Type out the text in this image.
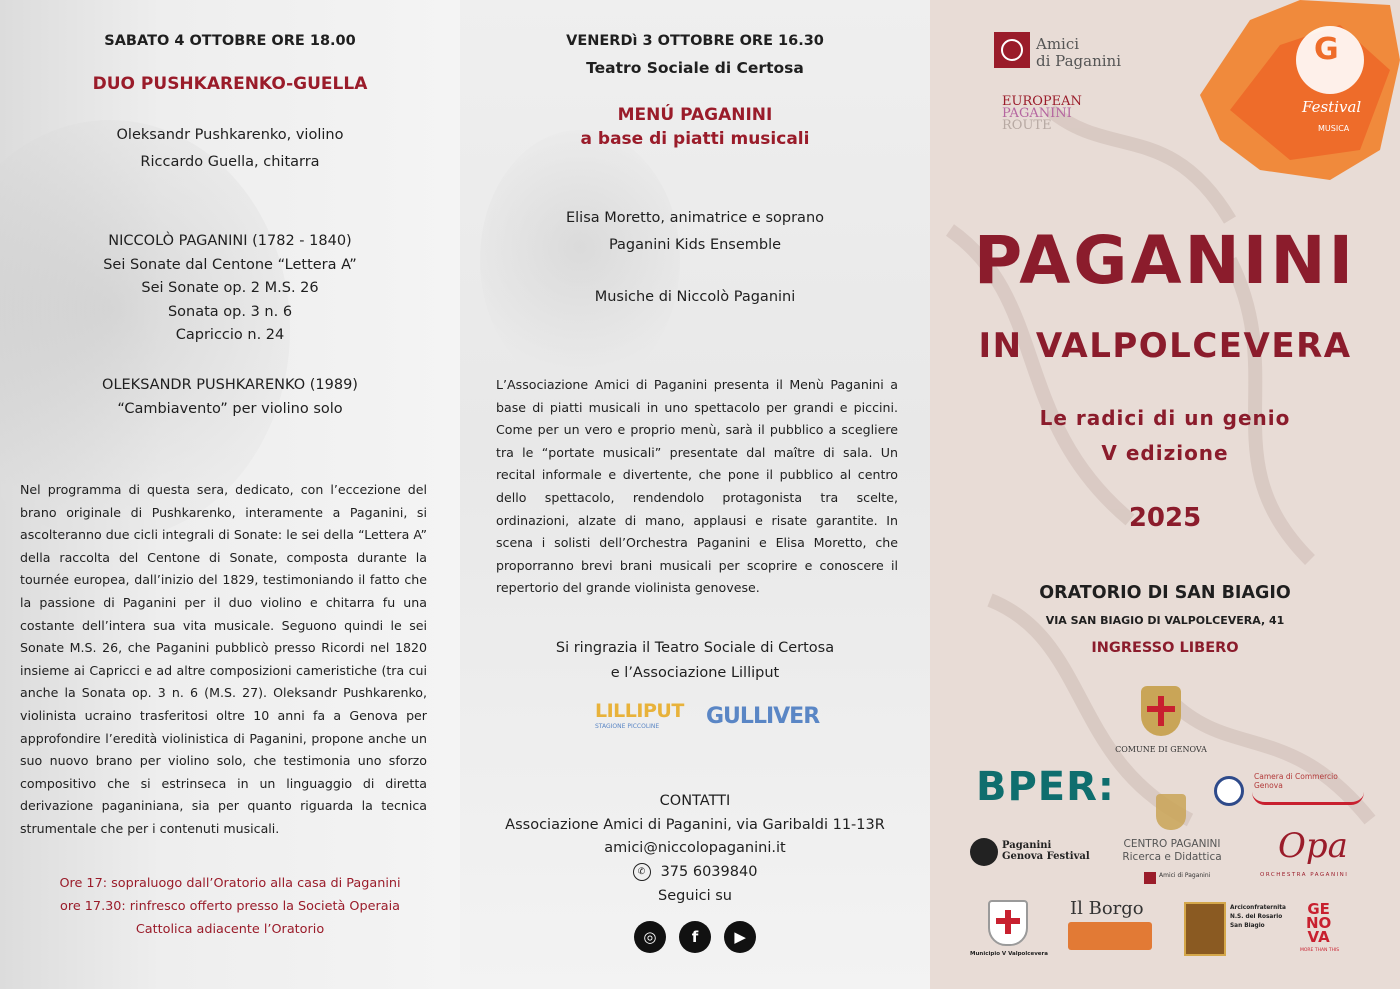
SABATO 4 OTTOBRE ORE 18.00
DUO PUSHKARENKO-GUELLA
Oleksandr Pushkarenko, violino
Riccardo Guella, chitarra
NICCOLÒ PAGANINI (1782 - 1840)
Sei Sonate dal Centone “Lettera A”
Sei Sonate op. 2 M.S. 26
Sonata op. 3 n. 6
Capriccio n. 24
OLEKSANDR PUSHKARENKO (1989)
“Cambiavento” per violino solo
Nel programma di questa sera, dedicato, con l’eccezione del brano originale di Pushkarenko, interamente a Paganini, si ascolteranno due cicli integrali di Sonate: le sei della “Lettera A” della raccolta del Centone di Sonate, composta durante la tournée europea, dall’inizio del 1829, testimoniando il fatto che la passione di Paganini per il duo violino e chitarra fu una costante dell’intera sua vita musicale. Seguono quindi le sei Sonate M.S. 26, che Paganini pubblicò presso Ricordi nel 1820 insieme ai Capricci e ad altre composizioni cameristiche (tra cui anche la Sonata op. 3 n. 6 (M.S. 27). Oleksandr Pushkarenko, violinista ucraino trasferitosi oltre 10 anni fa a Genova per approfondire l’eredità violinistica di Paganini, propone anche un suo nuovo brano per violino solo, che testimonia uno sforzo compositivo che si estrinseca in un linguaggio di diretta derivazione paganiniana, sia per quanto riguarda la tecnica strumentale che per i contenuti musicali.
Ore 17: sopraluogo dall’Oratorio alla casa di Paganini
ore 17.30: rinfresco offerto presso la Società Operaia
Cattolica adiacente l’Oratorio
VENERDì 3 OTTOBRE ORE 16.30
Teatro Sociale di Certosa
MENÚ PAGANINI
a base di piatti musicali
Elisa Moretto, animatrice e soprano
Paganini Kids Ensemble
Musiche di Niccolò Paganini
L’Associazione Amici di Paganini presenta il Menù Paganini a base di piatti musicali in uno spettacolo per grandi e piccini. Come per un vero e proprio menù, sarà il pubblico a scegliere tra le “portate musicali” presentate dal maître di sala. Un recital informale e divertente, che pone il pubblico al centro dello spettacolo, rendendolo protagonista tra scelte, ordinazioni, alzate di mano, applausi e risate garantite. In scena i solisti dell’Orchestra Paganini e Elisa Moretto, che proporranno brevi brani musicali per scoprire e conoscere il repertorio del grande violinista genovese.
Si ringrazia il Teatro Sociale di Certosa
e l’Associazione Lilliput
LILLIPUT
STAGIONE PICCOLINE	GULLIVER
CONTATTI
Associazione Amici di Paganini, via Garibaldi 11-13R
amici@niccolopaganini.it
✆ 375 6039840
Seguici su
◎ f ▶
G
Festival
MUSICA
Amici
di Paganini
EUROPEAN
PAGANINI
ROUTE
PAGANINI
IN VALPOLCEVERA
Le radici di un genio
V edizione
2025
ORATORIO DI SAN BIAGIO
VIA SAN BIAGIO DI VALPOLCEVERA, 41
INGRESSO LIBERO
COMUNE DI GENOVA
BPER:	Camera di Commercio
Genova
Paganini
Genova Festival
CENTRO PAGANINI
Ricerca e Didattica
Amici di Paganini
Opa
ORCHESTRA PAGANINI
Municipio V Valpolcevera
Il Borgo	Arciconfraternita
N.S. del Rosario
San Biagio
GE
NO
VA
MORE THAN THIS
